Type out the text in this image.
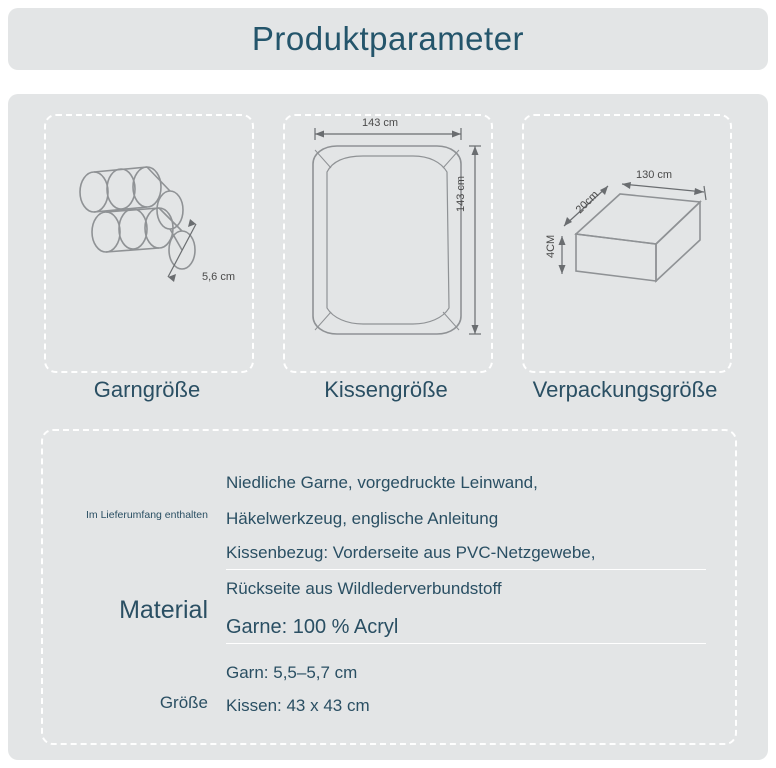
Produktparameter
5,6 cm
143 cm
143 cm
130 cm
20cm
4CM
Garngröße	Kissengröße	Verpackungsgröße
Im Lieferumfang enthalten
Material
Größe
Niedliche Garne, vorgedruckte Leinwand,
Häkelwerkzeug, englische Anleitung
Kissenbezug: Vorderseite aus PVC-Netzgewebe,
Rückseite aus Wildlederverbundstoff
Garne: 100 % Acryl
Garn: 5,5–5,7 cm
Kissen: 43 x 43 cm
